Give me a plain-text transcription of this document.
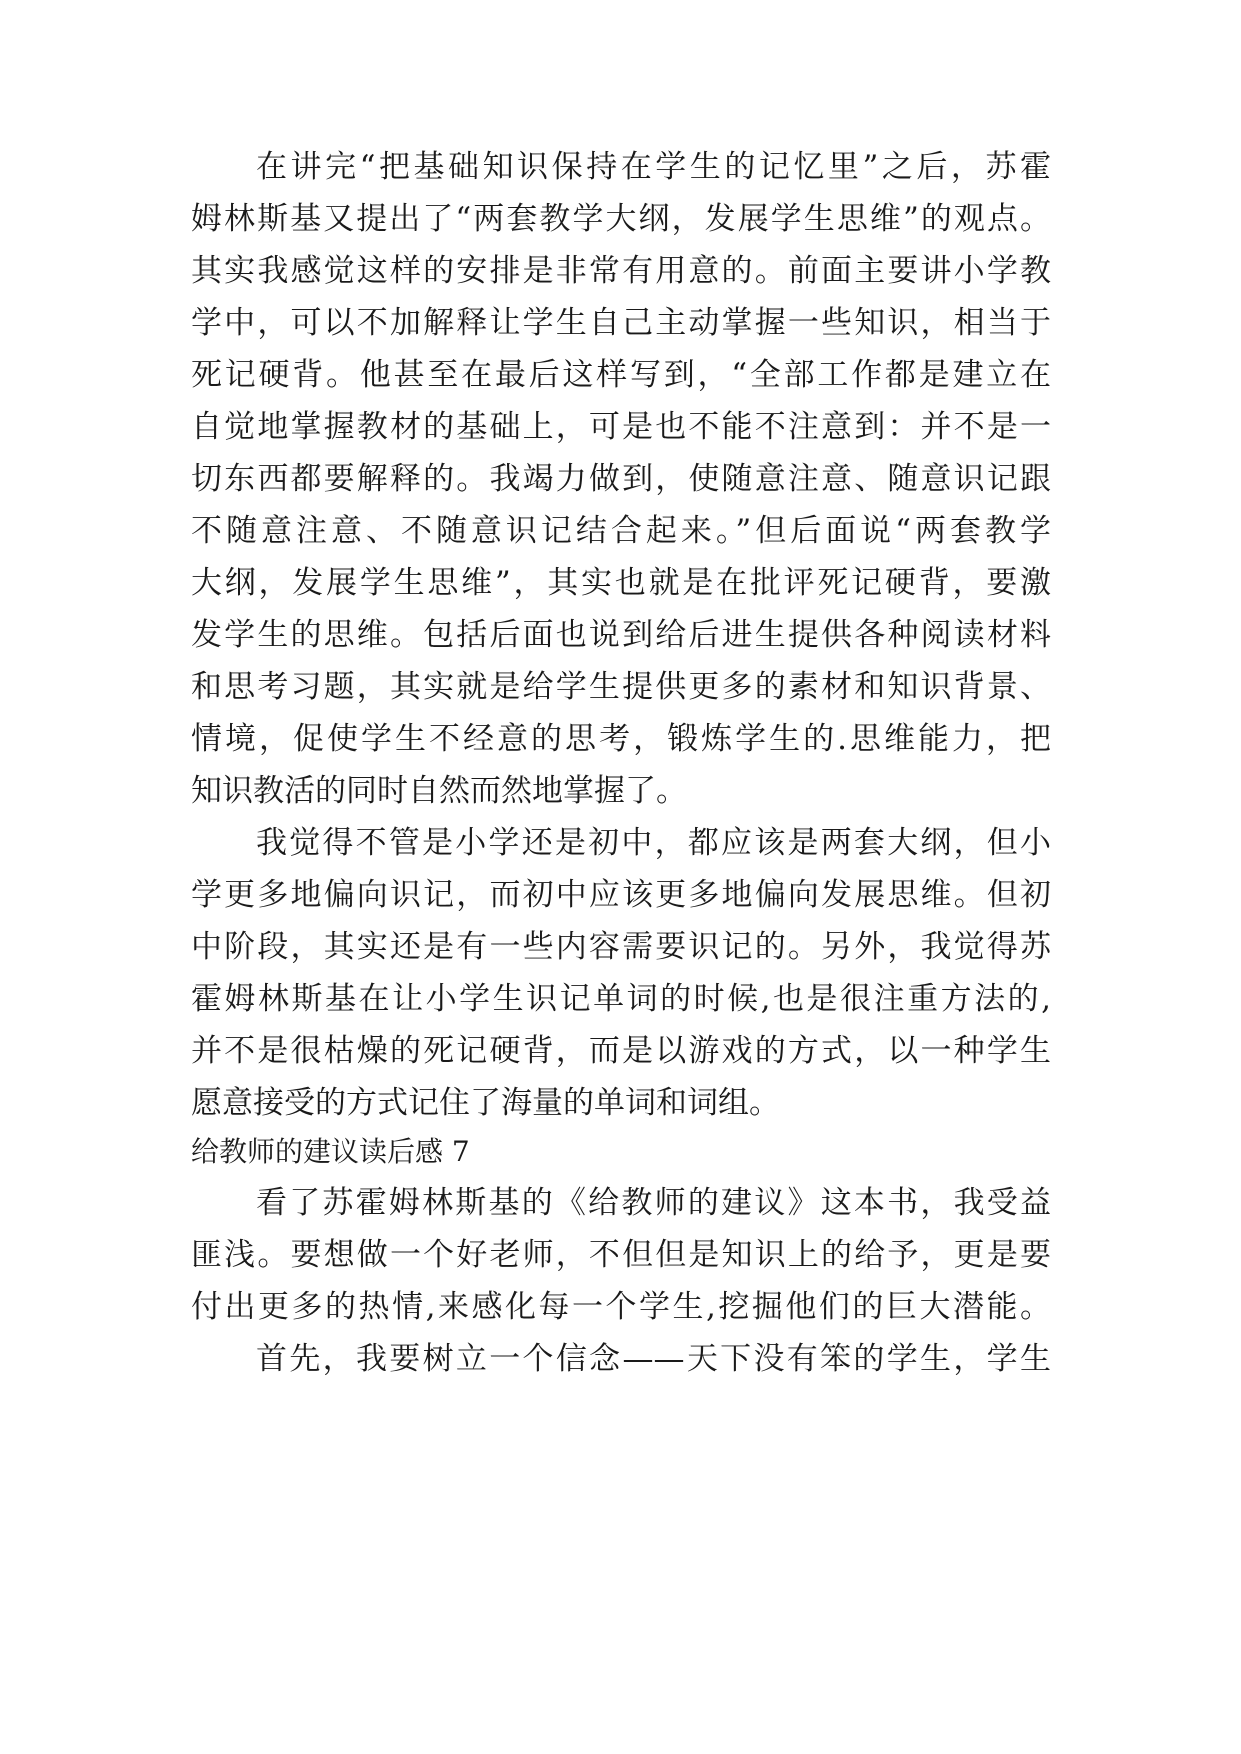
在讲完“把基础知识保持在学生的记忆里”之后，苏霍
姆林斯基又提出了“两套教学大纲，发展学生思维”的观点。
其实我感觉这样的安排是非常有用意的。前面主要讲小学教
学中，可以不加解释让学生自己主动掌握一些知识，相当于
死记硬背。他甚至在最后这样写到，“全部工作都是建立在
自觉地掌握教材的基础上，可是也不能不注意到：并不是一
切东西都要解释的。我竭力做到，使随意注意、随意识记跟
不随意注意、不随意识记结合起来。”但后面说“两套教学
大纲，发展学生思维”，其实也就是在批评死记硬背，要激
发学生的思维。包括后面也说到给后进生提供各种阅读材料
和思考习题，其实就是给学生提供更多的素材和知识背景、
情境，促使学生不经意的思考，锻炼学生的.思维能力，把
知识教活的同时自然而然地掌握了。
我觉得不管是小学还是初中，都应该是两套大纲，但小
学更多地偏向识记，而初中应该更多地偏向发展思维。但初
中阶段，其实还是有一些内容需要识记的。另外，我觉得苏
霍姆林斯基在让小学生识记单词的时候,也是很注重方法的,
并不是很枯燥的死记硬背，而是以游戏的方式，以一种学生
愿意接受的方式记住了海量的单词和词组。
给教师的建议读后感 7
看了苏霍姆林斯基的《给教师的建议》这本书，我受益
匪浅。要想做一个好老师，不但但是知识上的给予，更是要
付出更多的热情,来感化每一个学生,挖掘他们的巨大潜能。
首先，我要树立一个信念——天下没有笨的学生，学生
